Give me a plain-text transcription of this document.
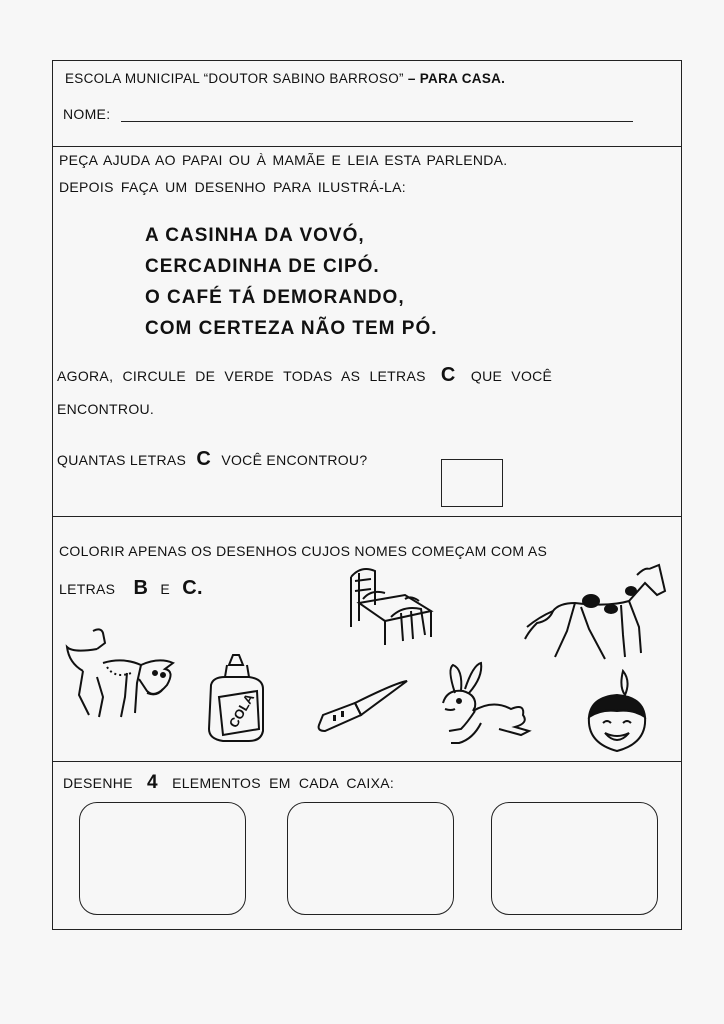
ESCOLA MUNICIPAL “DOUTOR SABINO BARROSO” – PARA CASA.
NOME:
PEÇA AJUDA AO PAPAI OU À MAMÃE E LEIA ESTA PARLENDA.
DEPOIS FAÇA UM DESENHO PARA ILUSTRÁ-LA:
A CASINHA DA VOVÓ,
CERCADINHA DE CIPÓ.
O CAFÉ TÁ DEMORANDO,
COM CERTEZA NÃO TEM PÓ.
AGORA, CIRCULE DE VERDE TODAS AS LETRAS C QUE VOCÊ
ENCONTROU.
QUANTAS LETRAS C VOCÊ ENCONTROU?
COLORIR APENAS OS DESENHOS CUJOS NOMES COMEÇAM COM AS
LETRAS B E C.
COLA
DESENHE 4 ELEMENTOS EM CADA CAIXA:
